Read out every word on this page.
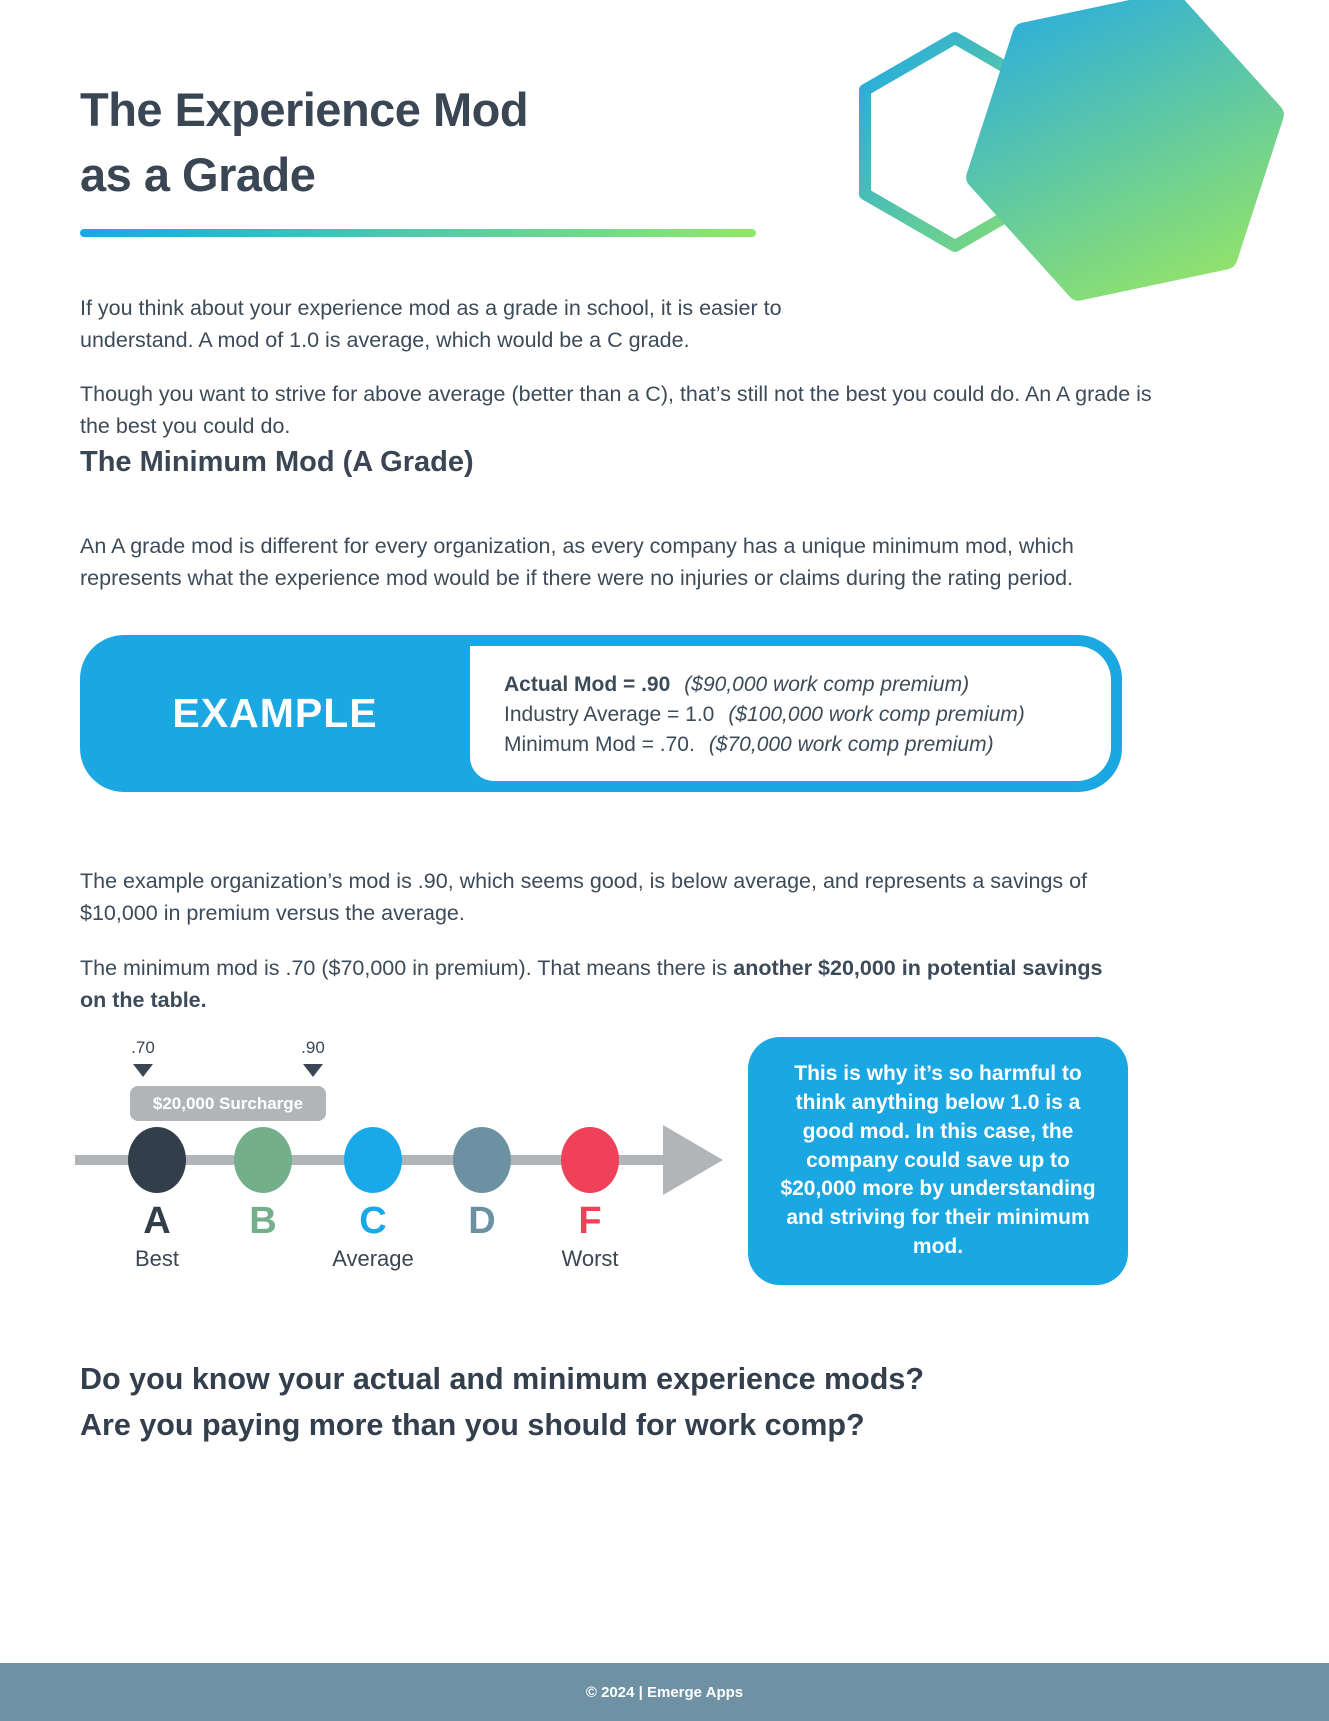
The Experience Mod
as a Grade

If you think about your experience mod as a grade in school, it is easier to understand. A mod of 1.0 is average, which would be a C grade.

Though you want to strive for above average (better than a C), that’s still not the best you could do. An A grade is the best you could do.

The Minimum Mod (A Grade)

An A grade mod is different for every organization, as every company has a unique minimum mod, which represents what the experience mod would be if there were no injuries or claims during the rating period.

EXAMPLE
Actual Mod = .90 ($90,000 work comp premium)
Industry Average = 1.0 ($100,000 work comp premium)
Minimum Mod = .70. ($70,000 work comp premium)

The example organization’s mod is .90, which seems good, is below average, and represents a savings of $10,000 in premium versus the average.

The minimum mod is .70 ($70,000 in premium). That means there is another $20,000 in potential savings on the table.

.70	.90
$20,000 Surcharge
A	B	C	D	F
Best	Average	Worst
This is why it’s so harmful to think anything below 1.0 is a good mod. In this case, the company could save up to $20,000 more by understanding and striving for their minimum mod.
Do you know your actual and minimum experience mods?
Are you paying more than you should for work comp?
© 2024 | Emerge Apps
